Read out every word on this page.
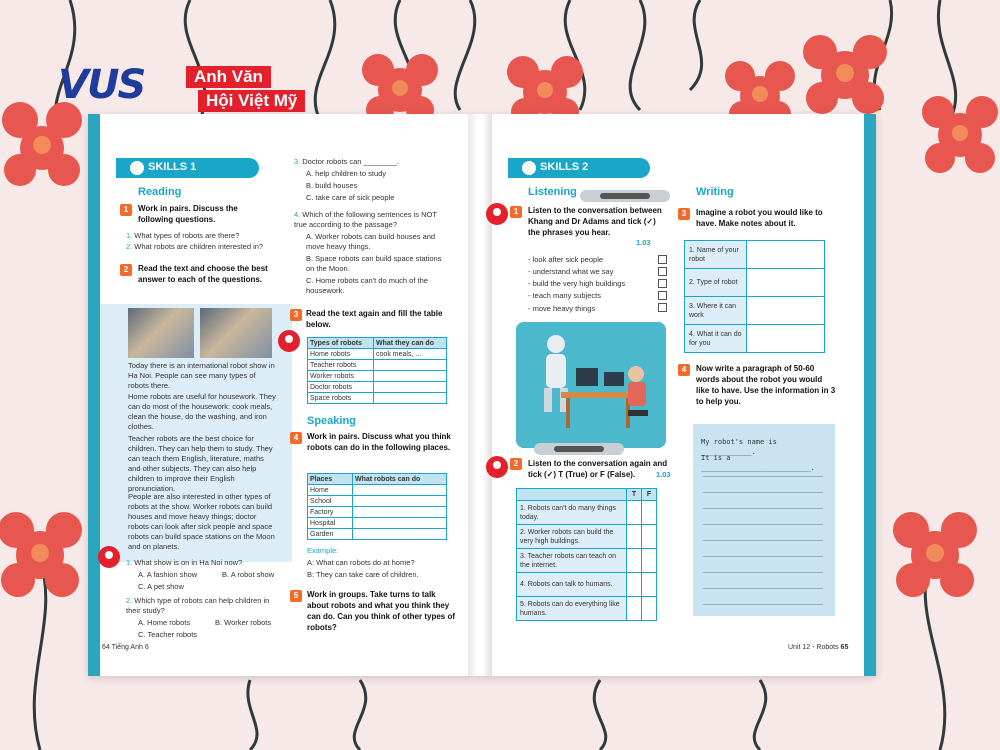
VUS	Anh Văn
Hội Việt Mỹ
SKILLS 1
Reading
1	Work in pairs. Discuss the following questions.
1. What types of robots are there?
2. What robots are children interested in?
2	Read the text and choose the best answer to each of the questions.
Today there is an international robot show in Ha Noi. People can see many types of robots there.
Home robots are useful for housework. They can do most of the housework: cook meals, clean the house, do the washing, and iron clothes.
Teacher robots are the best choice for children. They can help them to study. They can teach them English, literature, maths and other subjects. They can also help children to improve their English pronunciation.
People are also interested in other types of robots at the show. Worker robots can build houses and move heavy things; doctor robots can look after sick people and space robots can build space stations on the Moon and on planets.
1. What show is on in Ha Noi now?
A. A fashion show	B. A robot show
C. A pet show
2. Which type of robots can help children in their study?
A. Home robots	B. Worker robots
C. Teacher robots
64 Tiếng Anh 6
3. Doctor robots can ________.
A. help children to study
B. build houses
C. take care of sick people
4. Which of the following sentences is NOT true according to the passage?
A. Worker robots can build houses and move heavy things.
B. Space robots can build space stations on the Moon.
C. Home robots can't do much of the housework.
3 Read the text again and fill the table below.
Types of robots	What they can do
Home robots	cook meals, ...
Teacher robots	
Worker robots	
Doctor robots	
Space robots	
Speaking
4	Work in pairs. Discuss what you think robots can do in the following places.
Places	What robots can do
Home	
School	
Factory	
Hospital	
Garden	
Example:
A: What can robots do at home?
B: They can take care of children.
5	Work in groups. Take turns to talk about robots and what you think they can do. Can you think of other types of robots?
SKILLS 2
Listening
1	Listen to the conversation between Khang and Dr Adams and tick (✓) the phrases you hear.
1.03
- look after sick people
- understand what we say
- build the very high buildings
- teach many subjects
- move heavy things
2	Listen to the conversation again and tick (✓) T (True) or F (False).	1.03
	T	F
1. Robots can't do many things today.		
2. Worker robots can build the very high buildings.		
3. Teacher robots can teach on the internet.		
4. Robots can talk to humans.		
5. Robots can do everything like humans.		
Writing
3	Imagine a robot you would like to have. Make notes about it.
1. Name of your robot	
2. Type of robot	
3. Where it can work	
4. What it can do for you	
4	Now write a paragraph of 50-60 words about the robot you would like to have. Use the information in 3 to help you.
My robot's name is ____________.
It is a __________________________.
Unit 12 - Robots 65
